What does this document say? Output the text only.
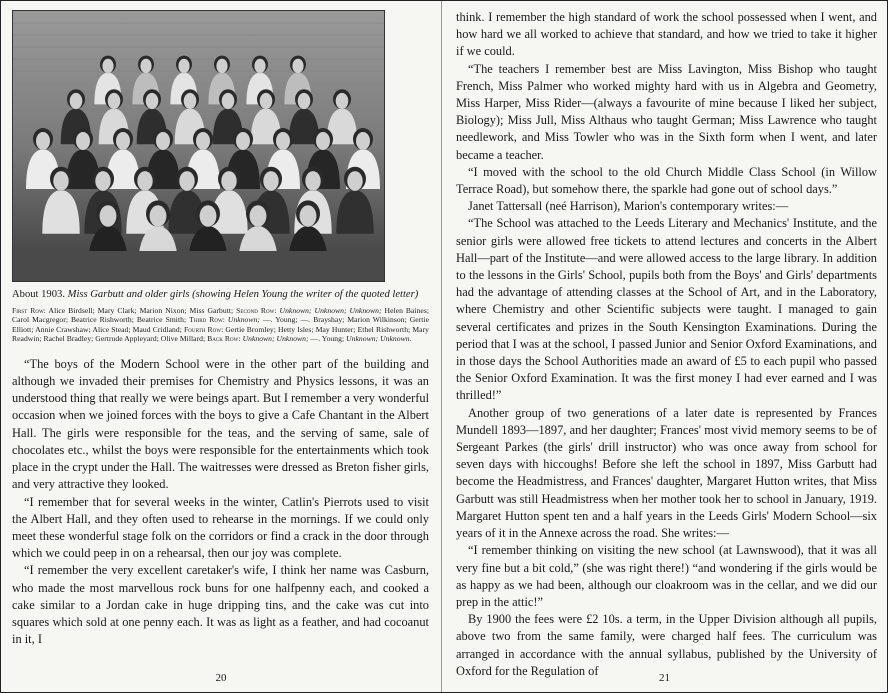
About 1903. Miss Garbutt and older girls (showing Helen Young the writer of the quoted letter)
First Row: Alice Birdsell; Mary Clark; Marion Nixon; Miss Garbutt; Second Row: Unknown; Unknown; Unknown; Helen Baines; Carol Macgregor; Beatrice Rishworth; Beatrice Smith; Third Row: Unknown; —. Young; —. Brayshay; Marion Wilkinson; Gertie Elliott; Annie Crawshaw; Alice Stead; Maud Cridland; Fourth Row: Gertie Bromley; Hetty Isles; May Hunter; Ethel Rishworth; Mary Readwin; Rachel Bradley; Gertrude Appleyard; Olive Millard; Back Row: Unknown; Unknown; —. Young; Unknown; Unknown.

“The boys of the Modern School were in the other part of the building and although we invaded their premises for Chemistry and Physics lessons, it was an understood thing that really we were beings apart. But I remember a very wonderful occasion when we joined forces with the boys to give a Cafe Chantant in the Albert Hall. The girls were responsible for the teas, and the serving of same, sale of chocolates etc., whilst the boys were responsible for the entertainments which took place in the crypt under the Hall. The waitresses were dressed as Breton fisher girls, and very attractive they looked.

“I remember that for several weeks in the winter, Catlin's Pierrots used to visit the Albert Hall, and they often used to rehearse in the mornings. If we could only meet these wonderful stage folk on the corridors or find a crack in the door through which we could peep in on a rehearsal, then our joy was complete.

“I remember the very excellent caretaker's wife, I think her name was Casburn, who made the most marvellous rock buns for one halfpenny each, and cooked a cake similar to a Jordan cake in huge dripping tins, and the cake was cut into squares which sold at one penny each. It was as light as a feather, and had cocoanut in it, I

20

think. I remember the high standard of work the school possessed when I went, and how hard we all worked to achieve that standard, and how we tried to take it higher if we could.

“The teachers I remember best are Miss Lavington, Miss Bishop who taught French, Miss Palmer who worked mighty hard with us in Algebra and Geometry, Miss Harper, Miss Rider—(always a favourite of mine because I liked her subject, Biology); Miss Jull, Miss Althaus who taught German; Miss Lawrence who taught needlework, and Miss Towler who was in the Sixth form when I went, and later became a teacher.

“I moved with the school to the old Church Middle Class School (in Willow Terrace Road), but somehow there, the sparkle had gone out of school days.”

Janet Tattersall (neé Harrison), Marion's contemporary writes:—

“The School was attached to the Leeds Literary and Mechanics' Institute, and the senior girls were allowed free tickets to attend lectures and concerts in the Albert Hall—part of the Institute—and were allowed access to the large library. In addition to the lessons in the Girls' School, pupils both from the Boys' and Girls' departments had the advantage of attending classes at the School of Art, and in the Laboratory, where Chemistry and other Scientific subjects were taught. I managed to gain several certificates and prizes in the South Kensington Examinations. During the period that I was at the school, I passed Junior and Senior Oxford Examinations, and in those days the School Authorities made an award of £5 to each pupil who passed the Senior Oxford Examination. It was the first money I had ever earned and I was thrilled!”

Another group of two generations of a later date is represented by Frances Mundell 1893—1897, and her daughter; Frances' most vivid memory seems to be of Sergeant Parkes (the girls' drill instructor) who was once away from school for seven days with hiccoughs! Before she left the school in 1897, Miss Garbutt had become the Headmistress, and Frances' daughter, Margaret Hutton writes, that Miss Garbutt was still Headmistress when her mother took her to school in January, 1919. Margaret Hutton spent ten and a half years in the Leeds Girls' Modern School—six years of it in the Annexe across the road. She writes:—

“I remember thinking on visiting the new school (at Lawnswood), that it was all very fine but a bit cold,” (she was right there!) “and wondering if the girls would be as happy as we had been, although our cloakroom was in the cellar, and we did our prep in the attic!”

By 1900 the fees were £2 10s. a term, in the Upper Division although all pupils, above two from the same family, were charged half fees. The curriculum was arranged in accordance with the annual syllabus, published by the University of Oxford for the Regulation of

21
